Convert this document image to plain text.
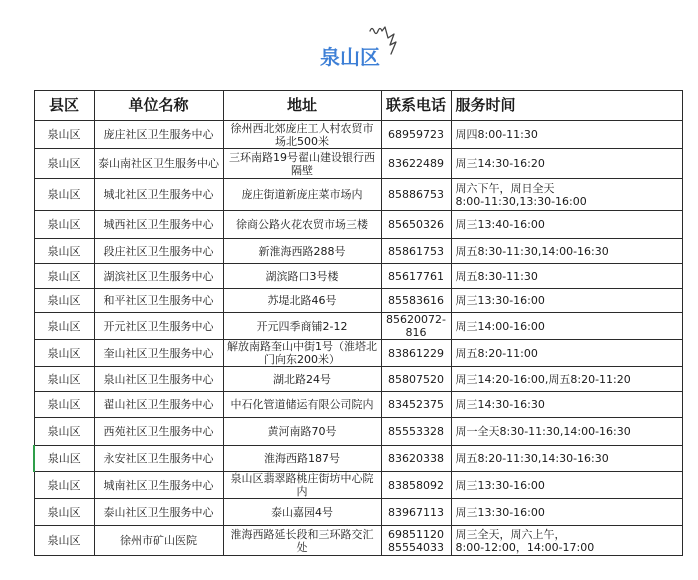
泉山区
县区	单位名称	地址	联系电话	服务时间
泉山区	庞庄社区卫生服务中心	徐州西北郊庞庄工人村农贸市场北500米	68959723	周四8:00-11:30

泉山区	泰山南社区卫生服务中心	三环南路19号翟山建设银行西隔壁	83622489	周三14:30-16:20

泉山区	城北社区卫生服务中心	庞庄街道新庞庄菜市场内	85886753	周六下午，周日全天
8:00-11:30,13:30-16:00

泉山区	城西社区卫生服务中心	徐商公路火花农贸市场三楼	85650326	周三13:40-16:00

泉山区	段庄社区卫生服务中心	新淮海西路288号	85861753	周五8:30-11:30,14:00-16:30

泉山区	湖滨社区卫生服务中心	湖滨路口3号楼	85617761	周五8:30-11:30

泉山区	和平社区卫生服务中心	苏堤北路46号	85583616	周三13:30-16:00

泉山区	开元社区卫生服务中心	开元四季商铺2-12	85620072-
816	周三14:00-16:00

泉山区	奎山社区卫生服务中心	解放南路奎山中街1号（淮塔北门向东200米）	83861229	周五8:20-11:00

泉山区	泉山社区卫生服务中心	湖北路24号	85807520	周三14:20-16:00,周五8:20-11:20

泉山区	翟山社区卫生服务中心	中石化管道储运有限公司院内	83452375	周三14:30-16:30

泉山区	西苑社区卫生服务中心	黄河南路70号	85553328	周一全天8:30-11:30,14:00-16:30

泉山区	永安社区卫生服务中心	淮海西路187号	83620338	周五8:20-11:30,14:30-16:30

泉山区	城南社区卫生服务中心	泉山区翡翠路桃庄街坊中心院内	83858092	周三13:30-16:00

泉山区	泰山社区卫生服务中心	泰山嘉园4号	83967113	周三13:30-16:00

泉山区	徐州市矿山医院	淮海西路延长段和三环路交汇处	69851120
85554033	周三全天，周六上午，
8:00-12:00，14:00-17:00
